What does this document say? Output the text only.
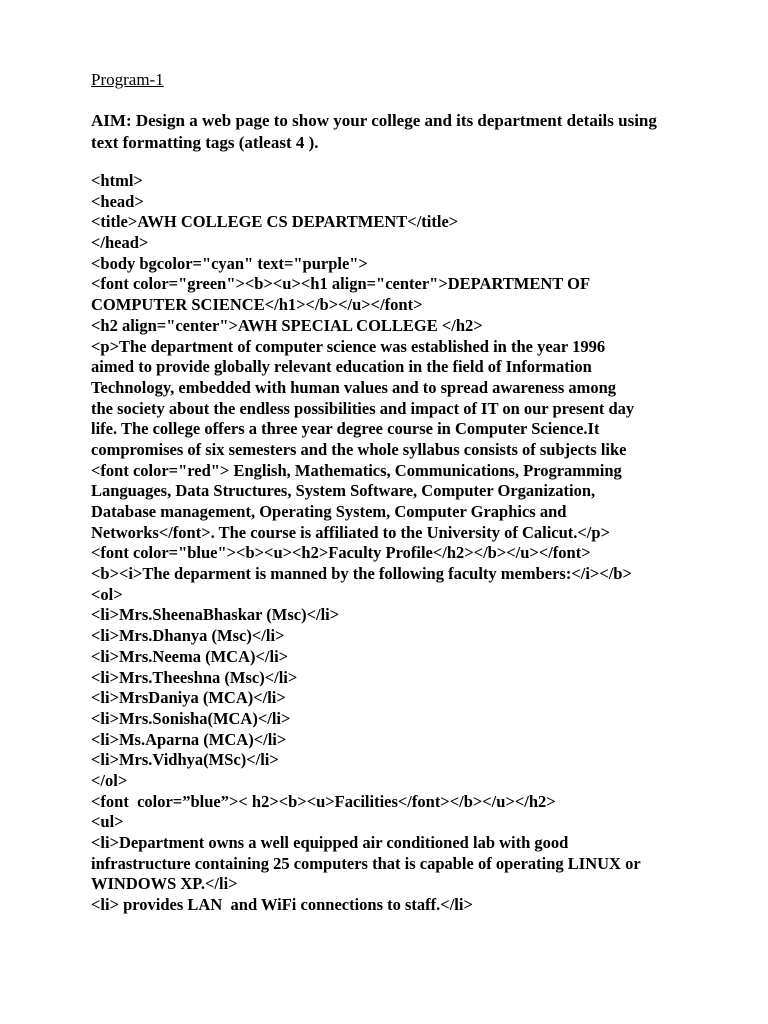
Program-1
AIM: Design a web page to show your college and its department details using
text formatting tags (atleast 4 ).
<html>
<head>
<title>AWH COLLEGE CS DEPARTMENT</title>
</head>
<body bgcolor="cyan" text="purple">
<font color="green"><b><u><h1 align="center">DEPARTMENT OF
COMPUTER SCIENCE</h1></b></u></font>
<h2 align="center">AWH SPECIAL COLLEGE </h2>
<p>The department of computer science was established in the year 1996
aimed to provide globally relevant education in the field of Information
Technology, embedded with human values and to spread awareness among
the society about the endless possibilities and impact of IT on our present day
life. The college offers a three year degree course in Computer Science.It
compromises of six semesters and the whole syllabus consists of subjects like
<font color="red"> English, Mathematics, Communications, Programming
Languages, Data Structures, System Software, Computer Organization,
Database management, Operating System, Computer Graphics and
Networks</font>. The course is affiliated to the University of Calicut.</p>
<font color="blue"><b><u><h2>Faculty Profile</h2></b></u></font>
<b><i>The deparment is manned by the following faculty members:</i></b>
<ol>
<li>Mrs.SheenaBhaskar (Msc)</li>
<li>Mrs.Dhanya (Msc)</li>
<li>Mrs.Neema (MCA)</li>
<li>Mrs.Theeshna (Msc)</li>
<li>MrsDaniya (MCA)</li>
<li>Mrs.Sonisha(MCA)</li>
<li>Ms.Aparna (MCA)</li>
<li>Mrs.Vidhya(MSc)</li>
</ol>
<font  color=”blue”>< h2><b><u>Facilities</font></b></u></h2>
<ul>
<li>Department owns a well equipped air conditioned lab with good
infrastructure containing 25 computers that is capable of operating LINUX or
WINDOWS XP.</li>
<li> provides LAN  and WiFi connections to staff.</li>
